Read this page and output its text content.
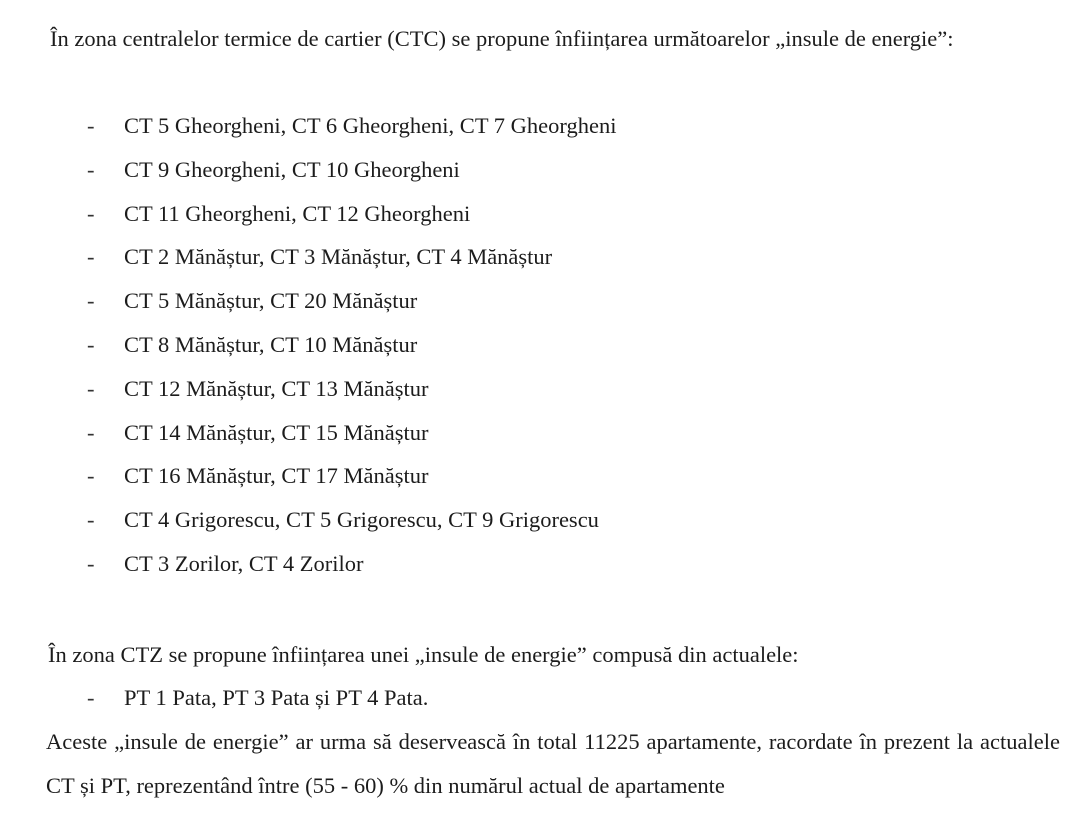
În zona centralelor termice de cartier (CTC) se propune înființarea următoarelor „insule de energie”:

- CT 5 Gheorgheni, CT 6 Gheorgheni, CT 7 Gheorgheni
- CT 9 Gheorgheni, CT 10 Gheorgheni
- CT 11 Gheorgheni, CT 12 Gheorgheni
- CT 2 Mănăștur, CT 3 Mănăștur, CT 4 Mănăștur
- CT 5 Mănăștur, CT 20 Mănăștur
- CT 8 Mănăștur, CT 10 Mănăștur
- CT 12 Mănăștur, CT 13 Mănăștur
- CT 14 Mănăștur, CT 15 Mănăștur
- CT 16 Mănăștur, CT 17 Mănăștur
- CT 4 Grigorescu, CT 5 Grigorescu, CT 9 Grigorescu
- CT 3 Zorilor, CT 4 Zorilor

În zona CTZ se propune înființarea unei „insule de energie” compusă din actualele:

- PT 1 Pata, PT 3 Pata și PT 4 Pata.

Aceste „insule de energie” ar urma să deservească în total 11225 apartamente, racordate în prezent la actualele CT și PT, reprezentând între (55 - 60) % din numărul actual de apartamente
